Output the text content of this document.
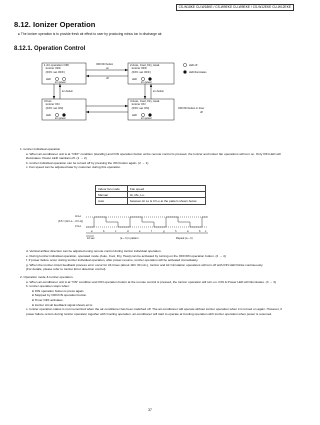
CS-W18KE CU-W18KE / CS-W9EKE CU-W9EKE / CS-W12EKE CU-W12EKE
8.12. Ionizer Operation
● The Ionizer operation is to provide fresh air effect to user by producing minus ion in discharge air.
8.12.1. Operation Control
1 Air operation OFF
Ionizer OFF
(ION: set OFF)
LED
ion power
2 Auto, Cool, Dry, Heat
Ionizer OFF
(ION: set OFF)
LED
ion power
3 Fan
Ionizer ON
(ION: set ON)
LED
ion power
4 Auto, Cool, Dry, Heat
Ionizer ON
(ION: set ON)
LED
ion power
OFF/ON button
on
off
ion button	ion button
OFF/ON button or timer
off
LED off
LED illuminates

1. Ionizer individual operation

a. When air-conditioner unit is at "OFF" condition (standby) and ION operation button at the remote control is pressed, the Ionizer and indoor fan operations will turn on. Only ION LED will illuminates. Power LED maintain off. (1 → 2)

b. Ionizer individual operation can be turned off by pressing the ION button again. (2 → 1)

c. Fan speed can be adjusted later by customer during this operation.

Indoor fan mode	Fan speed
Manual	Hi, Me, Lo-
Auto	between Hi Lo & Cl Lo at the pattern shown below
Hi Lo
Cl Lo
(0.5 × (Hi Lo − Cl Lo))
a	b	c	d	e	f	g	h	a	b c
10 sec	(a ~ h) 1 pattern	Repeat (a ~ h)

d. Vertical airflow direction can be adjusted using remote control during Ionizer individual operation.

e. During Ionizer individual operation, operated mode (Auto, Cool, Dry, Heat) can be activated by turning on the OFF/ON operation button. (2 → 4)

f. If power failure occur during Ionizer individual operation, after power resume, Ionizer operation will be activated immediately.

g. When the Ionizer circuit feedback process error occur for 24 times (about 11hr 30 min.), Ionizer and Air Circulation operations will turn off with ION LED blinks continuously.

(For details, please refer to Ionizer Error detection control)

2. Operation mode & Ionizer operation.

a. When air-conditioner unit is at "ON" condition and ION operation button at the remote control is pressed, the Ionizer operation will turn on. ION & Power LED will illuminates. (3 → 4)

b. Ionizer operation stops when:

● ION operation button is press again.

● Stopped by OFF/ON operation button.

● Timer OFF activates.

● Ionizer circuit feedback signal shows error.

c. Ionizer operation status is not memorized when the air-conditioner has been switched off. The air-conditioner will operate without ionizer operation when it is turned on again. However, if power failure occurs during Ionizer operation together with Cooling operation, air-conditioner will start to operate at Cooling operation with Ionizer operation when power is resumed.

37
